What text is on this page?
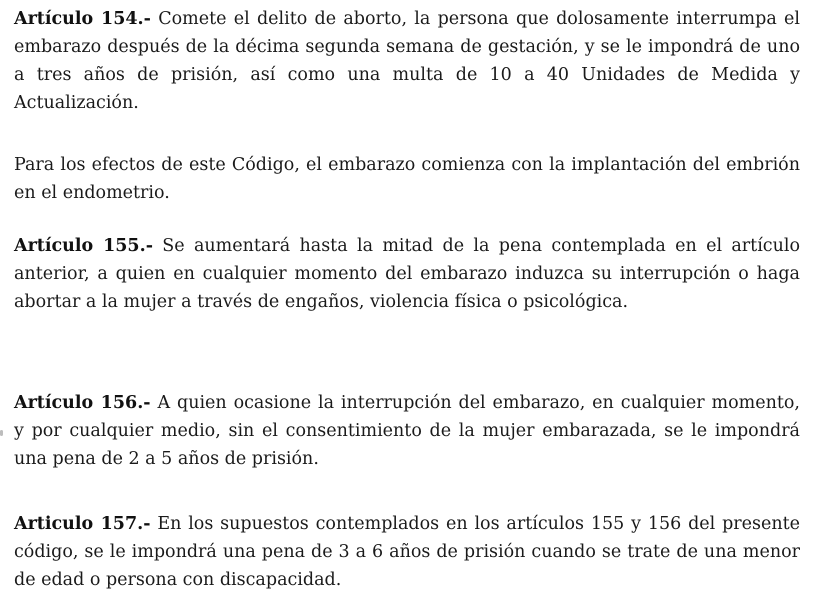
Artículo 154.- Comete el delito de aborto, la persona que dolosamente interrumpa el embarazo después de la décima segunda semana de gestación, y se le impondrá de uno a tres años de prisión, así como una multa de 10 a 40 Unidades de Medida y Actualización.

Para los efectos de este Código, el embarazo comienza con la implantación del embrión en el endometrio.

Artículo 155.- Se aumentará hasta la mitad de la pena contemplada en el artículo anterior, a quien en cualquier momento del embarazo induzca su interrupción o haga abortar a la mujer a través de engaños, violencia física o psicológica.

Artículo 156.- A quien ocasione la interrupción del embarazo, en cualquier momento, y por cualquier medio, sin el consentimiento de la mujer embarazada, se le impondrá una pena de 2 a 5 años de prisión.

Articulo 157.- En los supuestos contemplados en los artículos 155 y 156 del presente código, se le impondrá una pena de 3 a 6 años de prisión cuando se trate de una menor de edad o persona con discapacidad.
